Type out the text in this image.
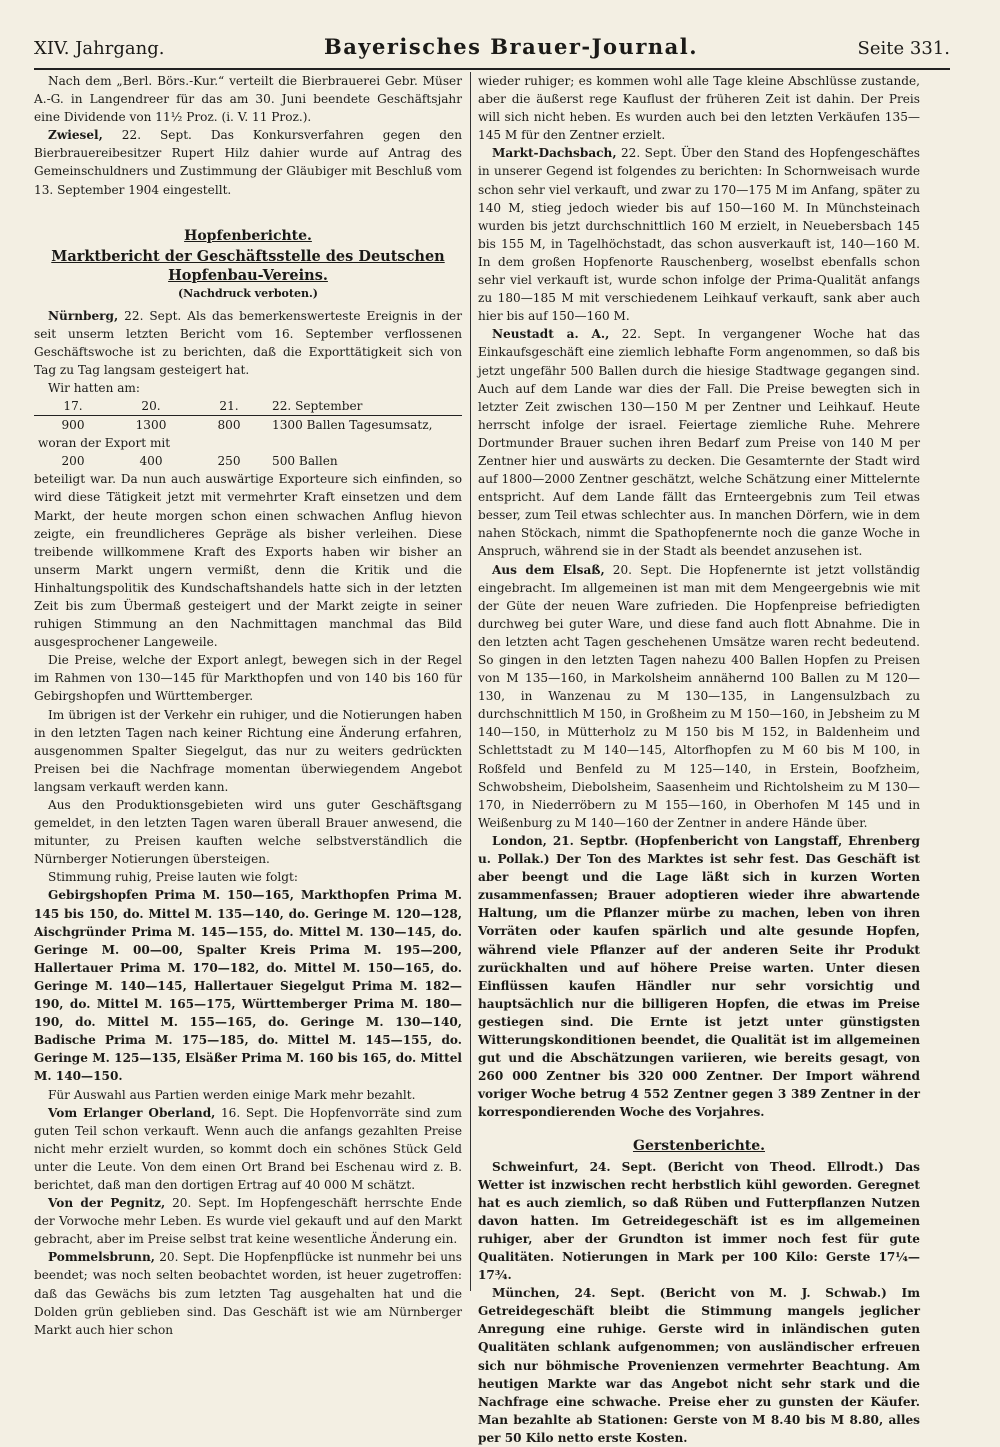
XIV. Jahrgang.	Bayerisches Brauer-Journal.	Seite 331.

Nach dem „Berl. Börs.-Kur.“ verteilt die Bierbrauerei Gebr. Müser A.-G. in Langendreer für das am 30. Juni beendete Geschäftsjahr eine Dividende von 11½ Proz. (i. V. 11 Proz.).

Zwiesel, 22. Sept. Das Konkursverfahren gegen den Bierbrauereibesitzer Rupert Hilz dahier wurde auf Antrag des Gemeinschuldners und Zustimmung der Gläubiger mit Beschluß vom 13. September 1904 eingestellt.

Hopfenberichte.

Marktbericht der Geschäftsstelle des Deutschen Hopfenbau-Vereins.

(Nachdruck verboten.)

Nürnberg, 22. Sept. Als das bemerkenswerteste Ereignis in der seit unserm letzten Bericht vom 16. September verflossenen Geschäftswoche ist zu berichten, daß die Exporttätigkeit sich von Tag zu Tag langsam gesteigert hat.

Wir hatten am:

17.	20.	21.	22. September
900	1300	800	1300 Ballen Tagesumsatz,
woran der Export mit			
200	400	250	500 Ballen

beteiligt war. Da nun auch auswärtige Exporteure sich einfinden, so wird diese Tätigkeit jetzt mit vermehrter Kraft einsetzen und dem Markt, der heute morgen schon einen schwachen Anflug hievon zeigte, ein freundlicheres Gepräge als bisher verleihen. Diese treibende willkommene Kraft des Exports haben wir bisher an unserm Markt ungern vermißt, denn die Kritik und die Hinhaltungspolitik des Kundschaftshandels hatte sich in der letzten Zeit bis zum Übermaß gesteigert und der Markt zeigte in seiner ruhigen Stimmung an den Nachmittagen manchmal das Bild ausgesprochener Langeweile.

Die Preise, welche der Export anlegt, bewegen sich in der Regel im Rahmen von 130—145 für Markthopfen und von 140 bis 160 für Gebirgshopfen und Württemberger.

Im übrigen ist der Verkehr ein ruhiger, und die Notierungen haben in den letzten Tagen nach keiner Richtung eine Änderung erfahren, ausgenommen Spalter Siegelgut, das nur zu weiters gedrückten Preisen bei die Nachfrage momentan überwiegendem Angebot langsam verkauft werden kann.

Aus den Produktionsgebieten wird uns guter Geschäftsgang gemeldet, in den letzten Tagen waren überall Brauer anwesend, die mitunter, zu Preisen kauften welche selbstverständlich die Nürnberger Notierungen übersteigen.

Stimmung ruhig, Preise lauten wie folgt:

Gebirgshopfen Prima M. 150—165, Markthopfen Prima M. 145 bis 150, do. Mittel M. 135—140, do. Geringe M. 120—128, Aischgründer Prima M. 145—155, do. Mittel M. 130—145, do. Geringe M. 00—00, Spalter Kreis Prima M. 195—200, Hallertauer Prima M. 170—182, do. Mittel M. 150—165, do. Geringe M. 140—145, Hallertauer Siegelgut Prima M. 182—190, do. Mittel M. 165—175, Württemberger Prima M. 180—190, do. Mittel M. 155—165, do. Geringe M. 130—140, Badische Prima M. 175—185, do. Mittel M. 145—155, do. Geringe M. 125—135, Elsäßer Prima M. 160 bis 165, do. Mittel M. 140—150.

Für Auswahl aus Partien werden einige Mark mehr bezahlt.

Vom Erlanger Oberland, 16. Sept. Die Hopfenvorräte sind zum guten Teil schon verkauft. Wenn auch die anfangs gezahlten Preise nicht mehr erzielt wurden, so kommt doch ein schönes Stück Geld unter die Leute. Von dem einen Ort Brand bei Eschenau wird z. B. berichtet, daß man den dortigen Ertrag auf 40 000 M schätzt.

Von der Pegnitz, 20. Sept. Im Hopfengeschäft herrschte Ende der Vorwoche mehr Leben. Es wurde viel gekauft und auf den Markt gebracht, aber im Preise selbst trat keine wesentliche Änderung ein.

Pommelsbrunn, 20. Sept. Die Hopfenpflücke ist nunmehr bei uns beendet; was noch selten beobachtet worden, ist heuer zugetroffen: daß das Gewächs bis zum letzten Tag ausgehalten hat und die Dolden grün geblieben sind. Das Geschäft ist wie am Nürnberger Markt auch hier schon

wieder ruhiger; es kommen wohl alle Tage kleine Abschlüsse zustande, aber die äußerst rege Kauflust der früheren Zeit ist dahin. Der Preis will sich nicht heben. Es wurden auch bei den letzten Verkäufen 135—145 M für den Zentner erzielt.

Markt-Dachsbach, 22. Sept. Über den Stand des Hopfengeschäftes in unserer Gegend ist folgendes zu berichten: In Schornweisach wurde schon sehr viel verkauft, und zwar zu 170—175 M im Anfang, später zu 140 M, stieg jedoch wieder bis auf 150—160 M. In Münchsteinach wurden bis jetzt durchschnittlich 160 M erzielt, in Neuebersbach 145 bis 155 M, in Tagelhöchstadt, das schon ausverkauft ist, 140—160 M. In dem großen Hopfenorte Rauschenberg, woselbst ebenfalls schon sehr viel verkauft ist, wurde schon infolge der Prima-Qualität anfangs zu 180—185 M mit verschiedenem Leihkauf verkauft, sank aber auch hier bis auf 150—160 M.

Neustadt a. A., 22. Sept. In vergangener Woche hat das Einkaufsgeschäft eine ziemlich lebhafte Form angenommen, so daß bis jetzt ungefähr 500 Ballen durch die hiesige Stadtwage gegangen sind. Auch auf dem Lande war dies der Fall. Die Preise bewegten sich in letzter Zeit zwischen 130—150 M per Zentner und Leihkauf. Heute herrscht infolge der israel. Feiertage ziemliche Ruhe. Mehrere Dortmunder Brauer suchen ihren Bedarf zum Preise von 140 M per Zentner hier und auswärts zu decken. Die Gesamternte der Stadt wird auf 1800—2000 Zentner geschätzt, welche Schätzung einer Mittelernte entspricht. Auf dem Lande fällt das Ernteergebnis zum Teil etwas besser, zum Teil etwas schlechter aus. In manchen Dörfern, wie in dem nahen Stöckach, nimmt die Spathopfenernte noch die ganze Woche in Anspruch, während sie in der Stadt als beendet anzusehen ist.

Aus dem Elsaß, 20. Sept. Die Hopfenernte ist jetzt vollständig eingebracht. Im allgemeinen ist man mit dem Mengeergebnis wie mit der Güte der neuen Ware zufrieden. Die Hopfenpreise befriedigten durchweg bei guter Ware, und diese fand auch flott Abnahme. Die in den letzten acht Tagen geschehenen Umsätze waren recht bedeutend. So gingen in den letzten Tagen nahezu 400 Ballen Hopfen zu Preisen von M 135—160, in Markolsheim annähernd 100 Ballen zu M 120—130, in Wanzenau zu M 130—135, in Langensulzbach zu durchschnittlich M 150, in Großheim zu M 150—160, in Jebsheim zu M 140—150, in Mütterholz zu M 150 bis M 152, in Baldenheim und Schlettstadt zu M 140—145, Altorfhopfen zu M 60 bis M 100, in Roßfeld und Benfeld zu M 125—140, in Erstein, Boofzheim, Schwobsheim, Diebolsheim, Saasenheim und Richtolsheim zu M 130—170, in Niederröbern zu M 155—160, in Oberhofen M 145 und in Weißenburg zu M 140—160 der Zentner in andere Hände über.

London, 21. Septbr. (Hopfenbericht von Langstaff, Ehrenberg u. Pollak.) Der Ton des Marktes ist sehr fest. Das Geschäft ist aber beengt und die Lage läßt sich in kurzen Worten zusammenfassen; Brauer adoptieren wieder ihre abwartende Haltung, um die Pflanzer mürbe zu machen, leben von ihren Vorräten oder kaufen spärlich und alte gesunde Hopfen, während viele Pflanzer auf der anderen Seite ihr Produkt zurückhalten und auf höhere Preise warten. Unter diesen Einflüssen kaufen Händler nur sehr vorsichtig und hauptsächlich nur die billigeren Hopfen, die etwas im Preise gestiegen sind. Die Ernte ist jetzt unter günstigsten Witterungskonditionen beendet, die Qualität ist im allgemeinen gut und die Abschätzungen variieren, wie bereits gesagt, von 260 000 Zentner bis 320 000 Zentner. Der Import während voriger Woche betrug 4 552 Zentner gegen 3 389 Zentner in der korrespondierenden Woche des Vorjahres.

Gerstenberichte.

Schweinfurt, 24. Sept. (Bericht von Theod. Ellrodt.) Das Wetter ist inzwischen recht herbstlich kühl geworden. Geregnet hat es auch ziemlich, so daß Rüben und Futterpflanzen Nutzen davon hatten. Im Getreidegeschäft ist es im allgemeinen ruhiger, aber der Grundton ist immer noch fest für gute Qualitäten. Notierungen in Mark per 100 Kilo: Gerste 17¼—17¾.

München, 24. Sept. (Bericht von M. J. Schwab.) Im Getreidegeschäft bleibt die Stimmung mangels jeglicher Anregung eine ruhige. Gerste wird in inländischen guten Qualitäten schlank aufgenommen; von ausländischer erfreuen sich nur böhmische Provenienzen vermehrter Beachtung. Am heutigen Markte war das Angebot nicht sehr stark und die Nachfrage eine schwache. Preise eher zu gunsten der Käufer. Man bezahlte ab Stationen: Gerste von M 8.40 bis M 8.80, alles per 50 Kilo netto erste Kosten.
